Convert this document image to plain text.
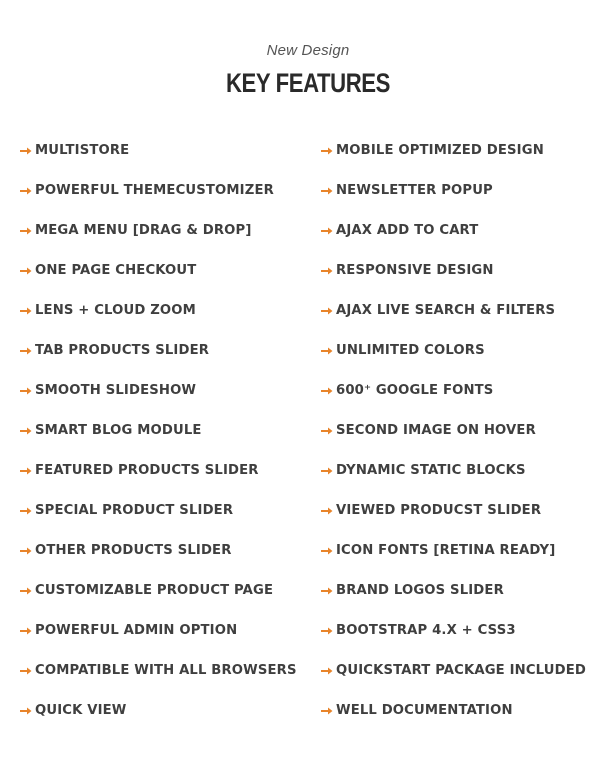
New Design
KEY FEATURES
MULTISTORE
POWERFUL THEMECUSTOMIZER
MEGA MENU [DRAG & DROP]
ONE PAGE CHECKOUT
LENS + CLOUD ZOOM
TAB PRODUCTS SLIDER
SMOOTH SLIDESHOW
SMART BLOG MODULE
FEATURED PRODUCTS SLIDER
SPECIAL PRODUCT SLIDER
OTHER PRODUCTS SLIDER
CUSTOMIZABLE PRODUCT PAGE
POWERFUL ADMIN OPTION
COMPATIBLE WITH ALL BROWSERS
QUICK VIEW
MOBILE OPTIMIZED DESIGN
NEWSLETTER POPUP
AJAX ADD TO CART
RESPONSIVE DESIGN
AJAX LIVE SEARCH & FILTERS
UNLIMITED COLORS
600⁺ GOOGLE FONTS
SECOND IMAGE ON HOVER
DYNAMIC STATIC BLOCKS
VIEWED PRODUCST SLIDER
ICON FONTS [RETINA READY]
BRAND LOGOS SLIDER
BOOTSTRAP 4.X + CSS3
QUICKSTART PACKAGE INCLUDED
WELL DOCUMENTATION
